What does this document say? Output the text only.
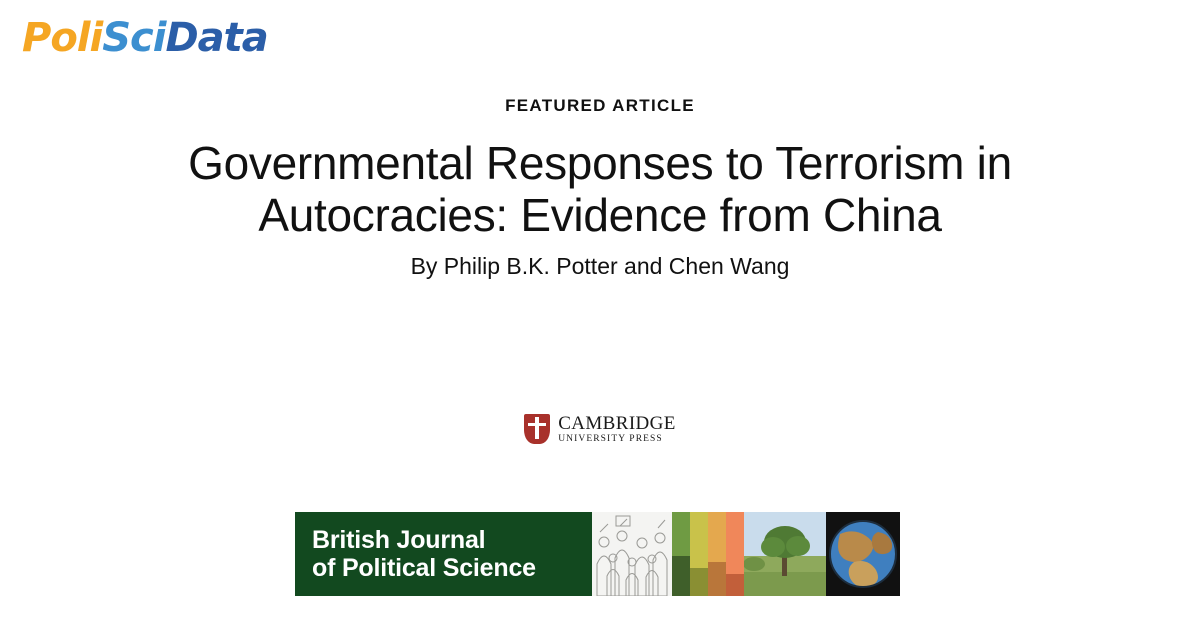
PoliSciData
FEATURED ARTICLE
Governmental Responses to Terrorism in Autocracies: Evidence from China
By Philip B.K. Potter and Chen Wang
CAMBRIDGE
UNIVERSITY PRESS
British Journal
of Political Science
